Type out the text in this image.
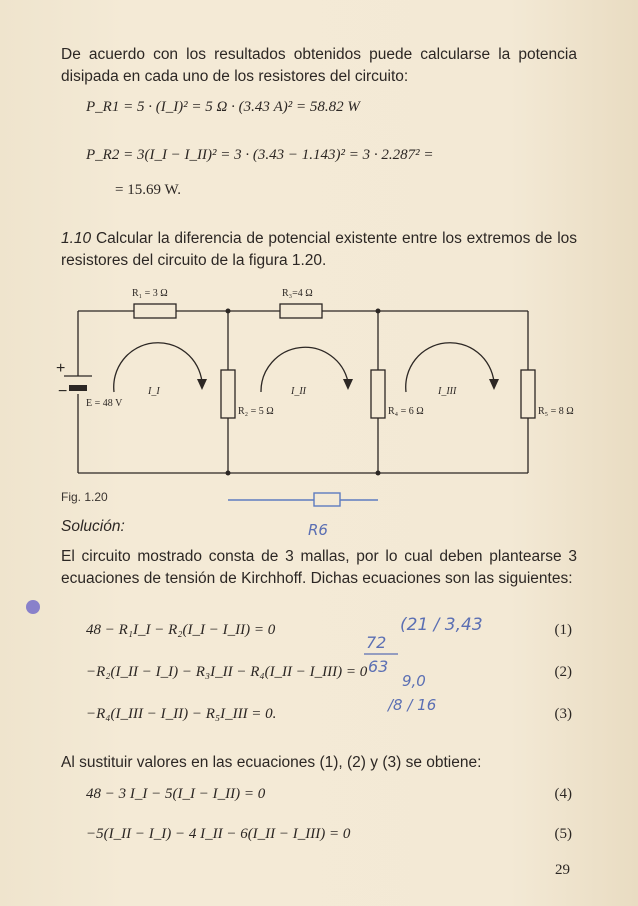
De acuerdo con los resultados obtenidos puede calcularse la potencia disipada en cada uno de los resistores del circuito:
P_R1 = 5 · (I_I)² = 5 Ω · (3.43 A)² = 58.82 W
P_R2 = 3(I_I − I_II)² = 3 · (3.43 − 1.143)² = 3 · 2.287² =
= 15.69 W.
1.10 Calcular la diferencia de potencial existente entre los extremos de los resistores del circuito de la figura 1.20.
R₁ = 3 Ω	R₃=4 Ω
R₂ = 5 Ω	R₄ = 6 Ω	R₅ = 8 Ω
E = 48 V
+
−	I_I	I_II	I_III
Fig. 1.20
R6
Solución:
El circuito mostrado consta de 3 mallas, por lo cual deben plantearse 3 ecuaciones de tensión de Kirchhoff. Dichas ecuaciones son las siguientes:
48 − R₁I_I − R₂(I_I − I_II) = 0	(1)
−R₂(I_II − I_I) − R₃I_II − R₄(I_II − I_III) = 0	(2)
−R₄(I_III − I_II) − R₅I_III = 0.	(3)
(21 / 3,43
72
63
9,0
/8 / 16
Al sustituir valores en las ecuaciones (1), (2) y (3) se obtiene:
48 − 3 I_I − 5(I_I − I_II) = 0	(4)
−5(I_II − I_I) − 4 I_II − 6(I_II − I_III) = 0	(5)
29
